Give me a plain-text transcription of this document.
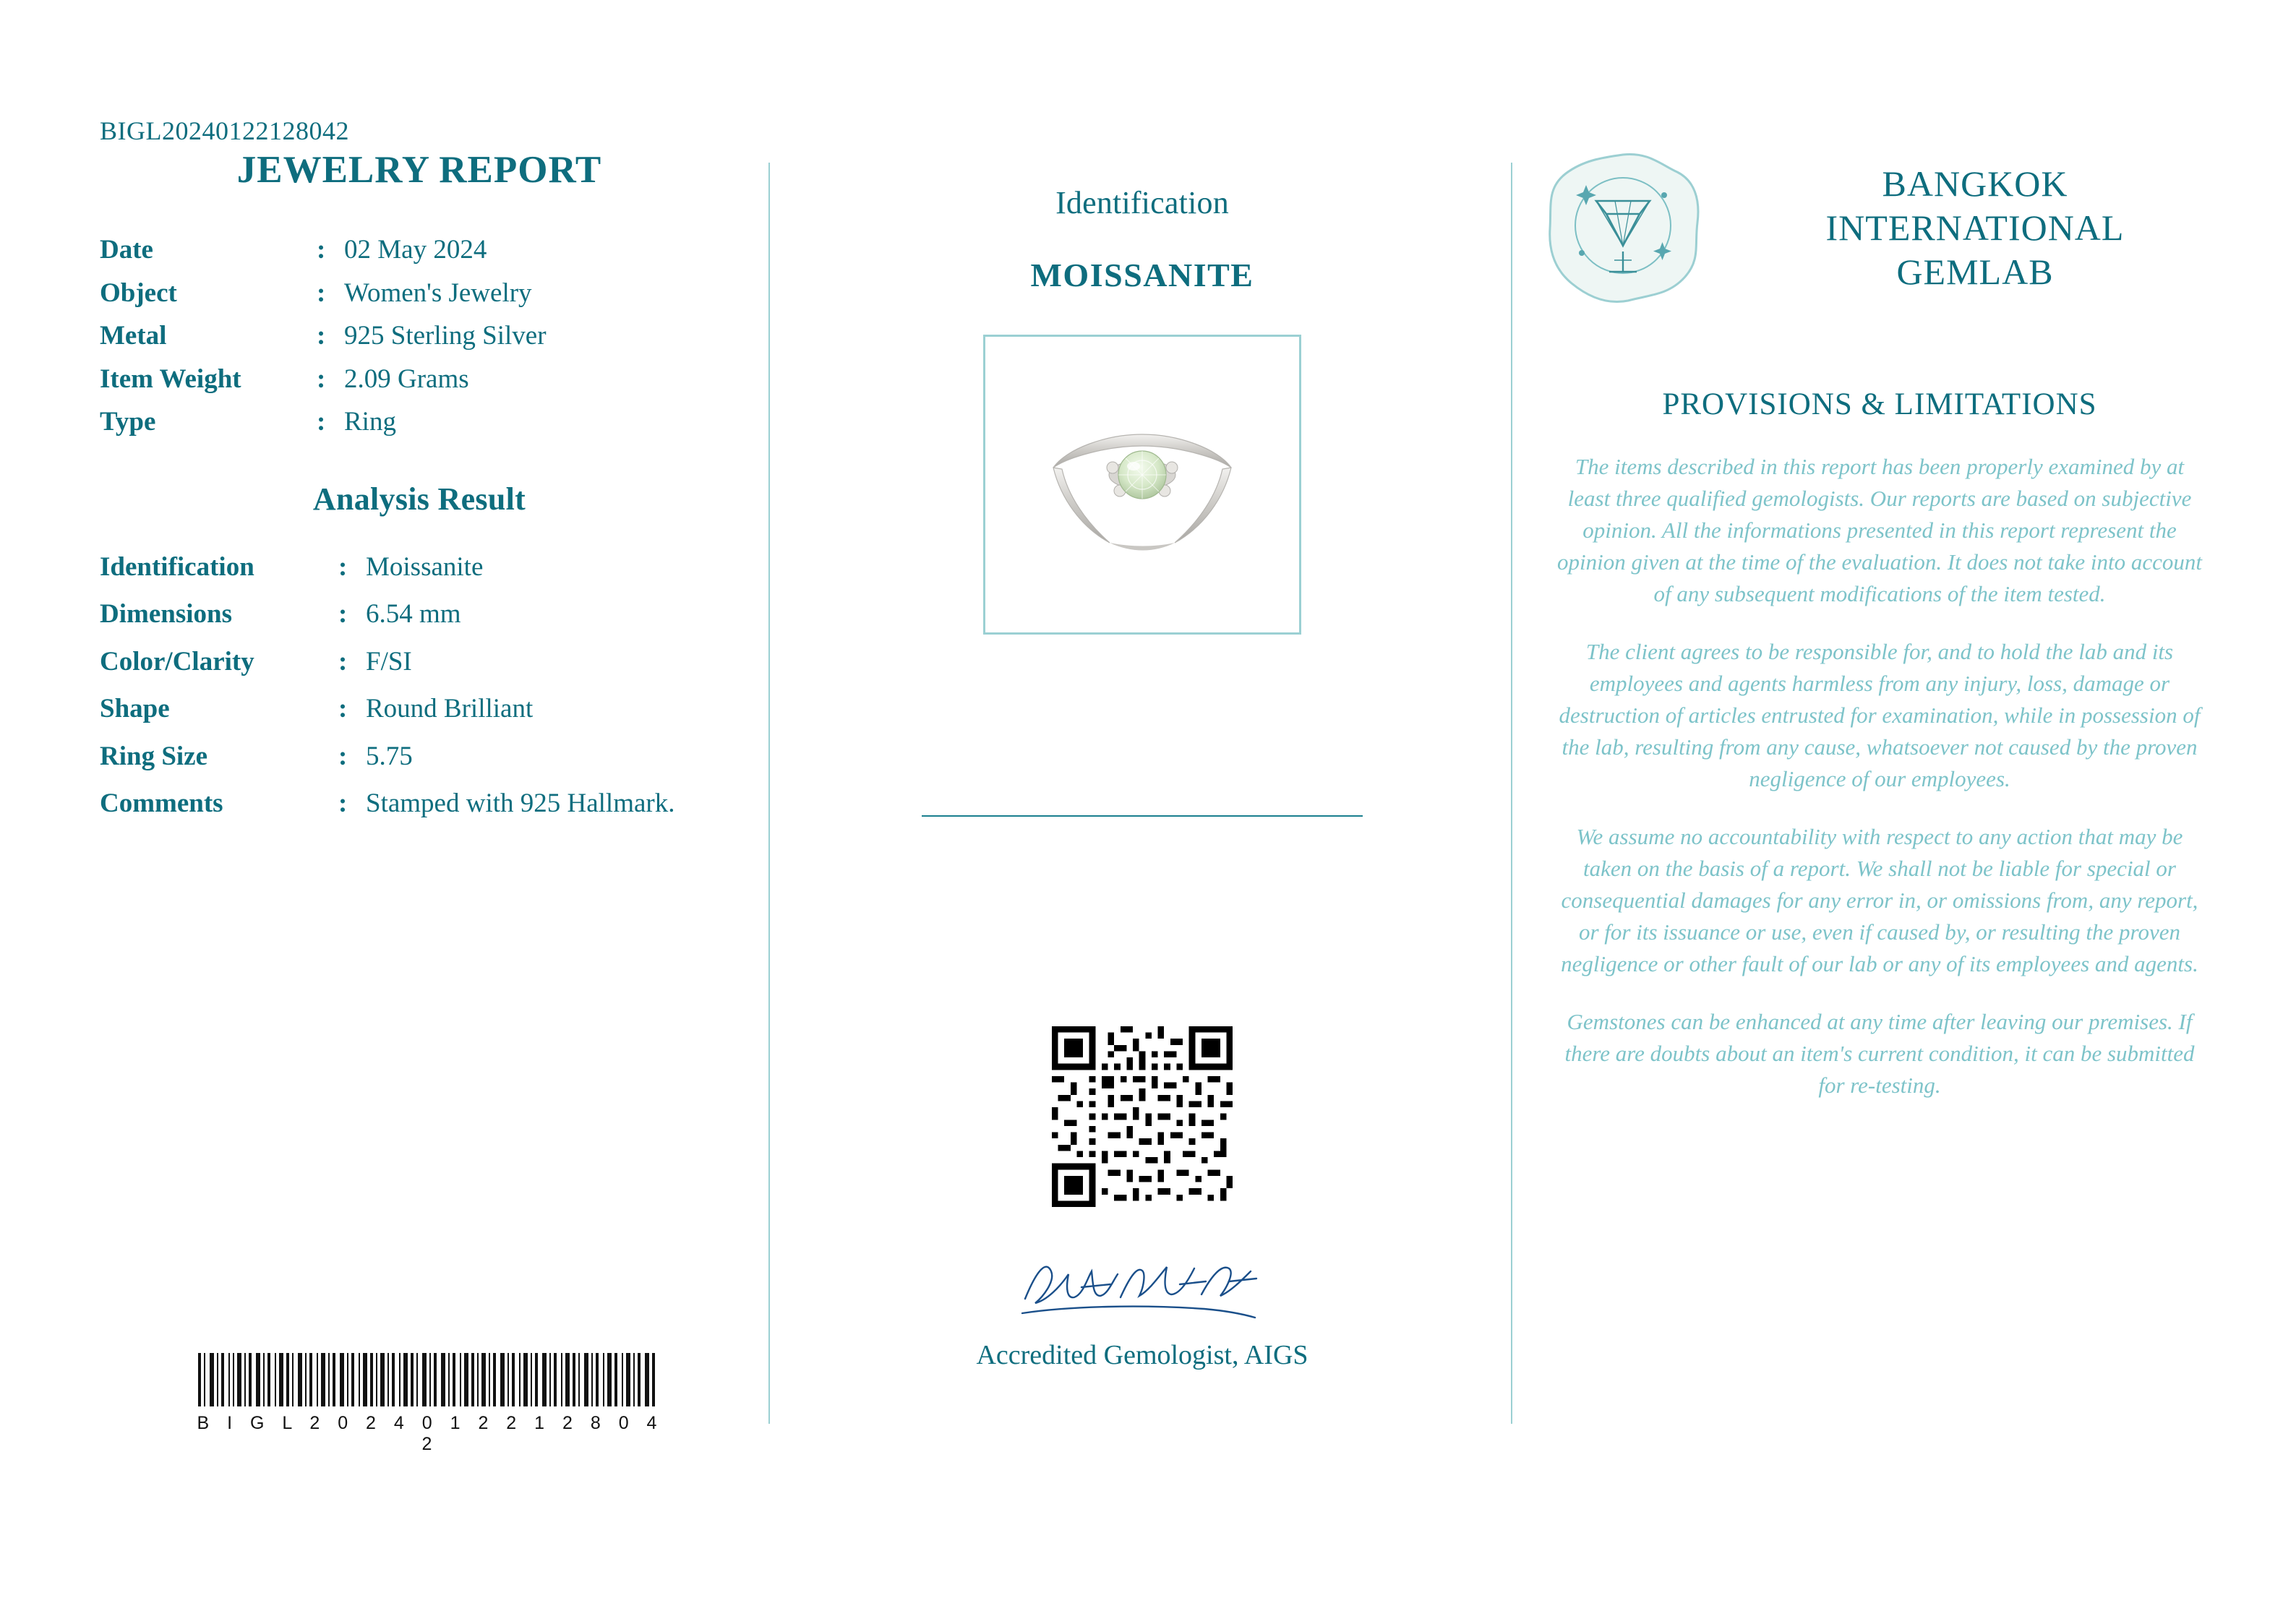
BIGL20240122128042
JEWELRY REPORT
Date	:	02 May 2024
Object	:	Women's Jewelry
Metal	:	925 Sterling Silver
Item Weight	:	2.09 Grams
Type	:	Ring
Analysis Result
Identification	:	Moissanite
Dimensions	:	6.54 mm
Color/Clarity	:	F/SI
Shape	:	Round Brilliant
Ring Size	:	5.75
Comments	:	Stamped with 925 Hallmark.
B I G L 2 0 2 4 0 1 2 2 1 2 8 0 4 2
Identification
MOISSANITE
Accredited Gemologist, AIGS
BANGKOK
INTERNATIONAL
GEMLAB
PROVISIONS & LIMITATIONS

The items described in this report has been properly examined by at least three qualified gemologists. Our reports are based on subjective opinion. All the informations presented in this report represent the opinion given at the time of the evaluation. It does not take into account of any subsequent modifications of the item tested.

The client agrees to be responsible for, and to hold the lab and its employees and agents harmless from any injury, loss, damage or destruction of articles entrusted for examination, while in possession of the lab, resulting from any cause, whatsoever not caused by the proven negligence of our employees.

We assume no accountability with respect to any action that may be taken on the basis of a report. We shall not be liable for special or consequential damages for any error in, or omissions from, any report, or for its issuance or use, even if caused by, or resulting the proven negligence or other fault of our lab or any of its employees and agents.

Gemstones can be enhanced at any time after leaving our premises. If there are doubts about an item's current condition, it can be submitted for re-testing.
